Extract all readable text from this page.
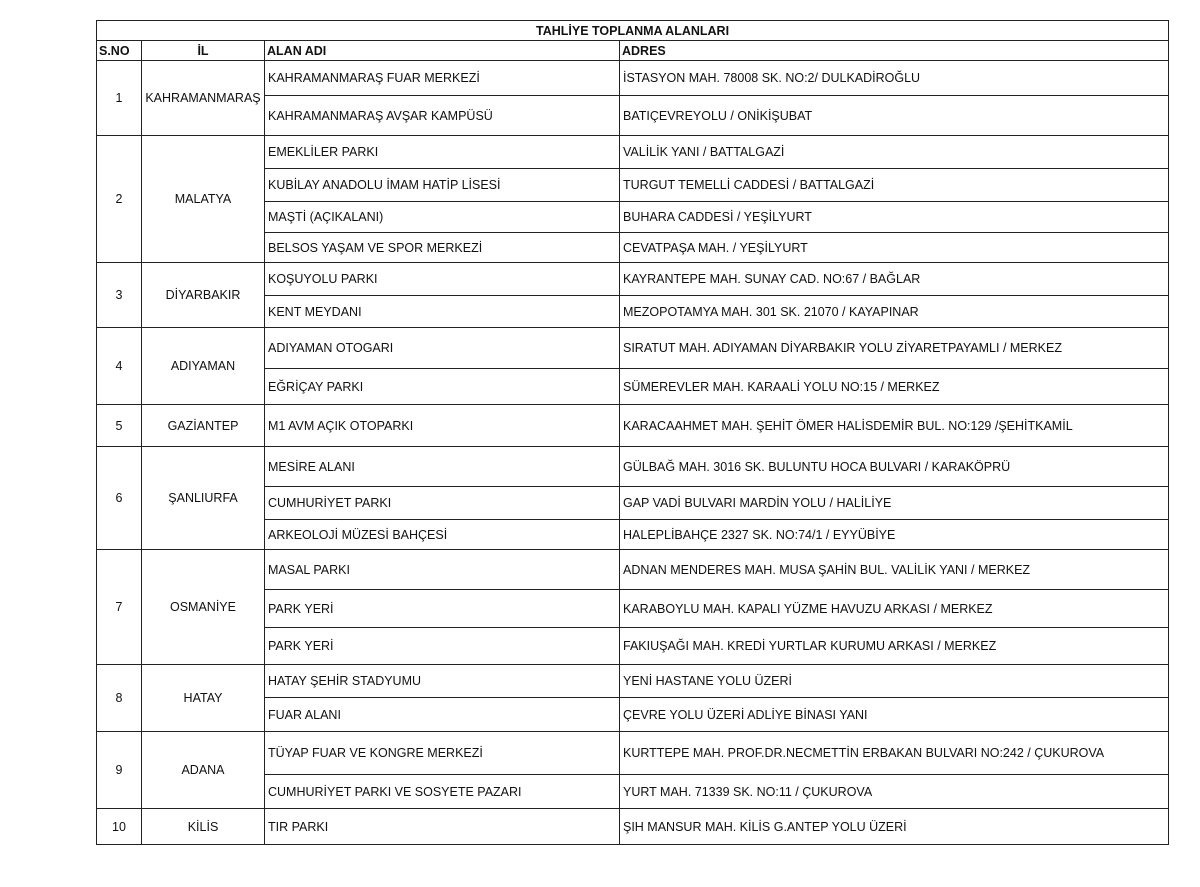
TAHLİYE TOPLANMA ALANLARI			
S.NO	İL	ALAN ADI	ADRES
1	KAHRAMANMARAŞ	KAHRAMANMARAŞ FUAR MERKEZİ	İSTASYON MAH. 78008 SK. NO:2/ DULKADİROĞLU
		KAHRAMANMARAŞ AVŞAR KAMPÜSÜ	BATIÇEVREYOLU / ONİKİŞUBAT
2	MALATYA	EMEKLİLER PARKI	VALİLİK YANI / BATTALGAZİ
		KUBİLAY ANADOLU İMAM HATİP LİSESİ	TURGUT TEMELLİ CADDESİ / BATTALGAZİ
		MAŞTİ (AÇIKALANI)	BUHARA CADDESİ / YEŞİLYURT
		BELSOS YAŞAM VE SPOR MERKEZİ	CEVATPAŞA MAH. / YEŞİLYURT
3	DİYARBAKIR	KOŞUYOLU PARKI	KAYRANTEPE MAH. SUNAY CAD. NO:67 / BAĞLAR
		KENT MEYDANI	MEZOPOTAMYA MAH. 301 SK. 21070 / KAYAPINAR
4	ADIYAMAN	ADIYAMAN OTOGARI	SIRATUT MAH. ADIYAMAN DİYARBAKIR YOLU ZİYARETPAYAMLI / MERKEZ
		EĞRİÇAY PARKI	SÜMEREVLER MAH. KARAALİ YOLU NO:15 / MERKEZ
5	GAZİANTEP	M1 AVM AÇIK OTOPARKI	KARACAAHMET MAH. ŞEHİT ÖMER HALİSDEMİR BUL. NO:129 /ŞEHİTKAMİL
6	ŞANLIURFA	MESİRE ALANI	GÜLBAĞ MAH. 3016 SK. BULUNTU HOCA BULVARI / KARAKÖPRÜ
		CUMHURİYET PARKI	GAP VADİ BULVARI MARDİN YOLU / HALİLİYE
		ARKEOLOJİ MÜZESİ BAHÇESİ	HALEPLİBAHÇE 2327 SK. NO:74/1 / EYYÜBİYE
7	OSMANİYE	MASAL PARKI	ADNAN MENDERES MAH. MUSA ŞAHİN BUL. VALİLİK YANI / MERKEZ
		PARK YERİ	KARABOYLU MAH. KAPALI YÜZME HAVUZU ARKASI / MERKEZ
		PARK YERİ	FAKIUŞAĞI MAH. KREDİ YURTLAR KURUMU ARKASI / MERKEZ
8	HATAY	HATAY ŞEHİR STADYUMU	YENİ HASTANE YOLU ÜZERİ
		FUAR ALANI	ÇEVRE YOLU ÜZERİ ADLİYE BİNASI YANI
9	ADANA	TÜYAP FUAR VE KONGRE MERKEZİ	KURTTEPE MAH. PROF.DR.NECMETTİN ERBAKAN BULVARI NO:242 / ÇUKUROVA
		CUMHURİYET PARKI VE SOSYETE PAZARI	YURT MAH. 71339 SK. NO:11 / ÇUKUROVA
10	KİLİS	TIR PARKI	ŞIH MANSUR MAH. KİLİS G.ANTEP YOLU ÜZERİ
